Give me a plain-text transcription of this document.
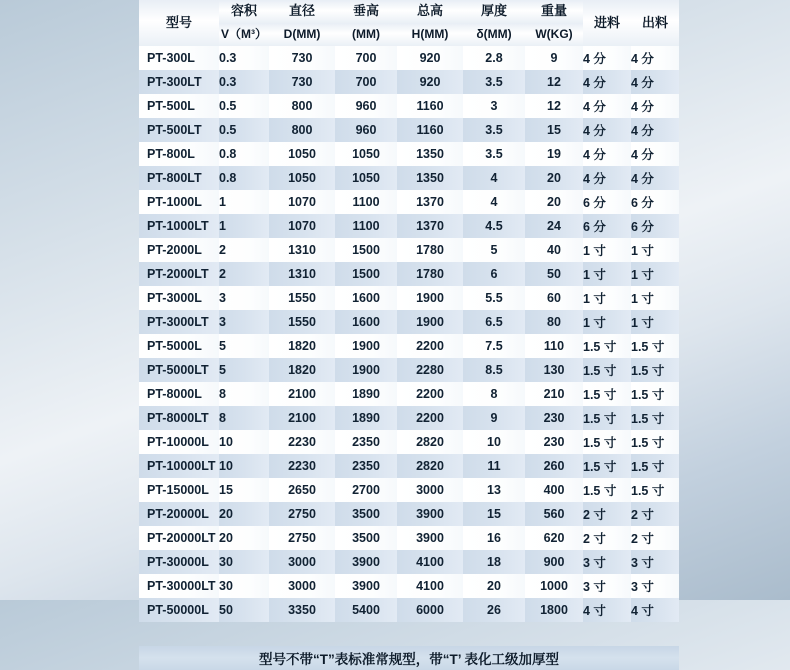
型号	容积	直径	垂高	总高	厚度	重量	进料	出料
	V（M³）	D(MM)	(MM)	H(MM)	δ(MM)	W(KG)		
PT-300L	0.3	730	700	920	2.8	9	4 分	4 分
PT-300LT	0.3	730	700	920	3.5	12	4 分	4 分
PT-500L	0.5	800	960	1160	3	12	4 分	4 分
PT-500LT	0.5	800	960	1160	3.5	15	4 分	4 分
PT-800L	0.8	1050	1050	1350	3.5	19	4 分	4 分
PT-800LT	0.8	1050	1050	1350	4	20	4 分	4 分
PT-1000L	1	1070	1100	1370	4	20	6 分	6 分
PT-1000LT	1	1070	1100	1370	4.5	24	6 分	6 分
PT-2000L	2	1310	1500	1780	5	40	1 寸	1 寸
PT-2000LT	2	1310	1500	1780	6	50	1 寸	1 寸
PT-3000L	3	1550	1600	1900	5.5	60	1 寸	1 寸
PT-3000LT	3	1550	1600	1900	6.5	80	1 寸	1 寸
PT-5000L	5	1820	1900	2200	7.5	110	1.5 寸	1.5 寸
PT-5000LT	5	1820	1900	2280	8.5	130	1.5 寸	1.5 寸
PT-8000L	8	2100	1890	2200	8	210	1.5 寸	1.5 寸
PT-8000LT	8	2100	1890	2200	9	230	1.5 寸	1.5 寸
PT-10000L	10	2230	2350	2820	10	230	1.5 寸	1.5 寸
PT-10000LT	10	2230	2350	2820	11	260	1.5 寸	1.5 寸
PT-15000L	15	2650	2700	3000	13	400	1.5 寸	1.5 寸
PT-20000L	20	2750	3500	3900	15	560	2 寸	2 寸
PT-20000LT	20	2750	3500	3900	16	620	2 寸	2 寸
PT-30000L	30	3000	3900	4100	18	900	3 寸	3 寸
PT-30000LT	30	3000	3900	4100	20	1000	3 寸	3 寸
PT-50000L	50	3350	5400	6000	26	1800	4 寸	4 寸

型号不带“T”表标准常规型，带“T’ 表化工级加厚型								
